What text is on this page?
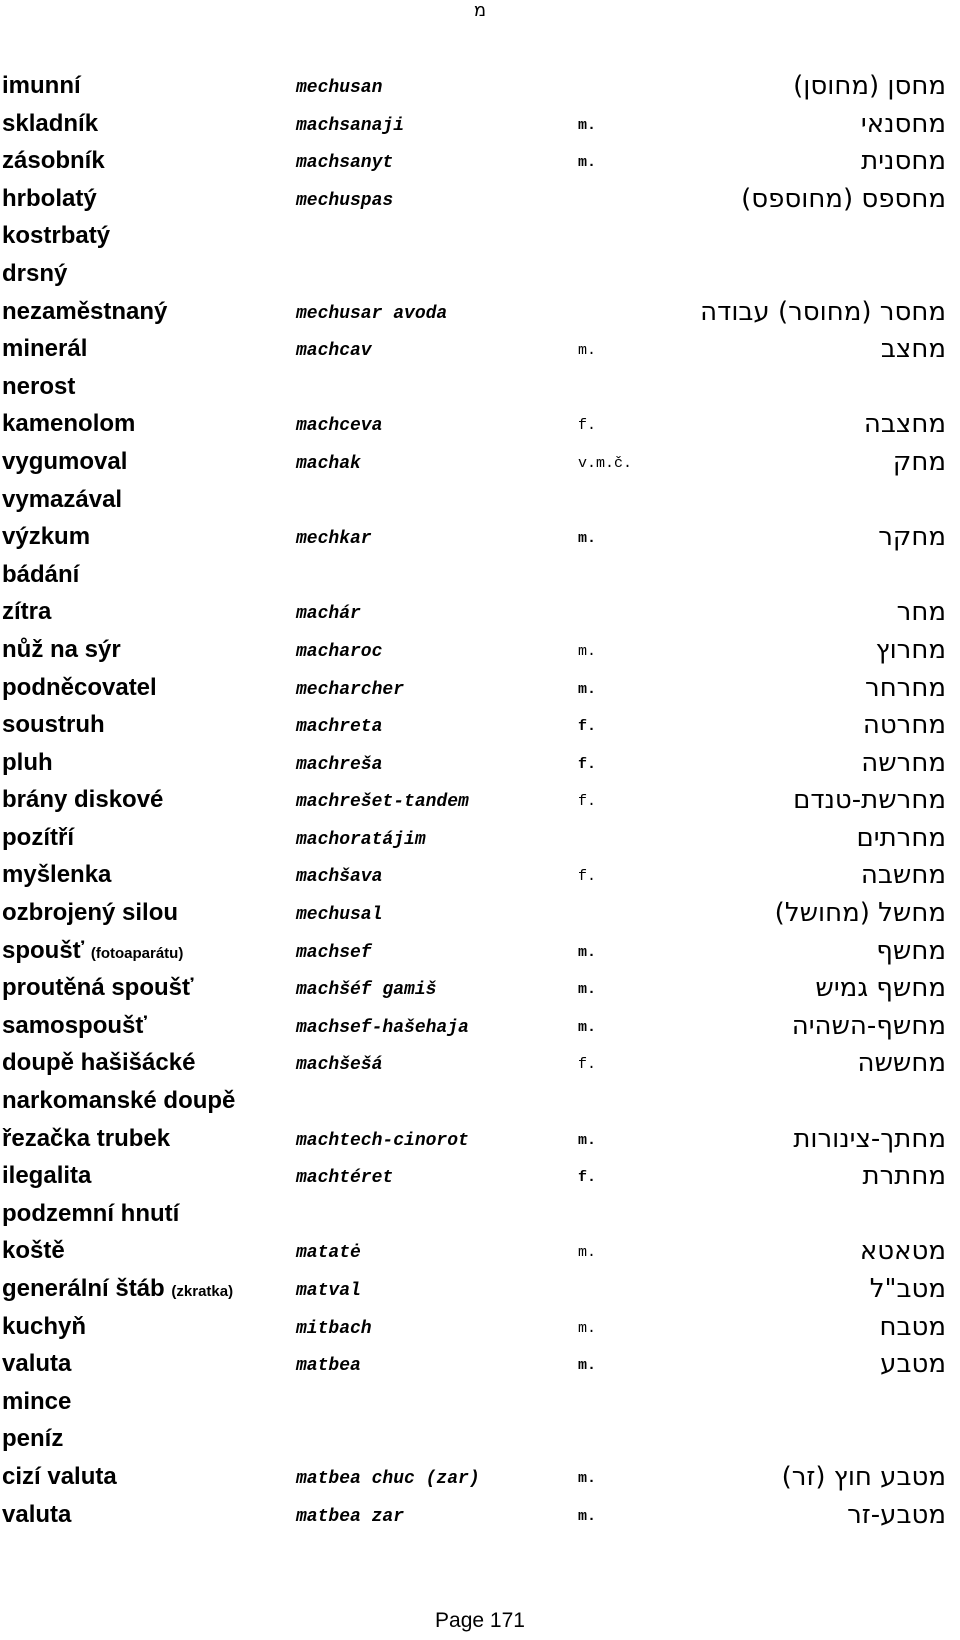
מ
imunní	mechusan	מחסן (מחוסן)
skladník	machsanaji	m.	מחסנאי
zásobník	machsanyt	m.	מחסנית
hrbolatý	mechuspas	מחספס (מחוספס)
kostrbatý
drsný
nezaměstnaný	mechusar avoda	מחסר (מחוסר) עבודה
minerál	machcav	m.	מחצב
nerost
kamenolom	machceva	f.	מחצבה
vygumoval	machak	v.m.č.	מחק
vymazával
výzkum	mechkar	m.	מחקר
bádání
zítra	machár	מחר
nůž na sýr	macharoc	m.	מחרוץ
podněcovatel	mecharcher	m.	מחרחר
soustruh	machreta	f.	מחרטה
pluh	machreša	f.	מחרשה
brány diskové	machrešet-tandem	f.	מחרשת-טנדם
pozítří	machoratájim	מחרתים
myšlenka	machšava	f.	מחשבה
ozbrojený silou	mechusal	מחשל (מחושל)
spoušť (fotoaparátu)	machsef	m.	מחשף
proutěná spoušť	machšéf gamiš	m.	מחשף גמיש
samospoušť	machsef-hašehaja	m.	מחשף-השהיה
doupě hašišácké	machšešá	f.	מחששה
narkomanské doupě
řezačka trubek	machtech-cinorot	m.	מחתך-צינורות
ilegalita	machtéret	f.	מחתרת
podzemní hnutí
koště	matatė	m.	מטאטא
generální štáb (zkratka)	matval	מטב"ל
kuchyň	mitbach	m.	מטבח
valuta	matbea	m.	מטבע
mince
peníz
cizí valuta	matbea chuc (zar)	m.	מטבע חוץ (זר)
valuta	matbea zar	m.	מטבע-זר
Page 171
